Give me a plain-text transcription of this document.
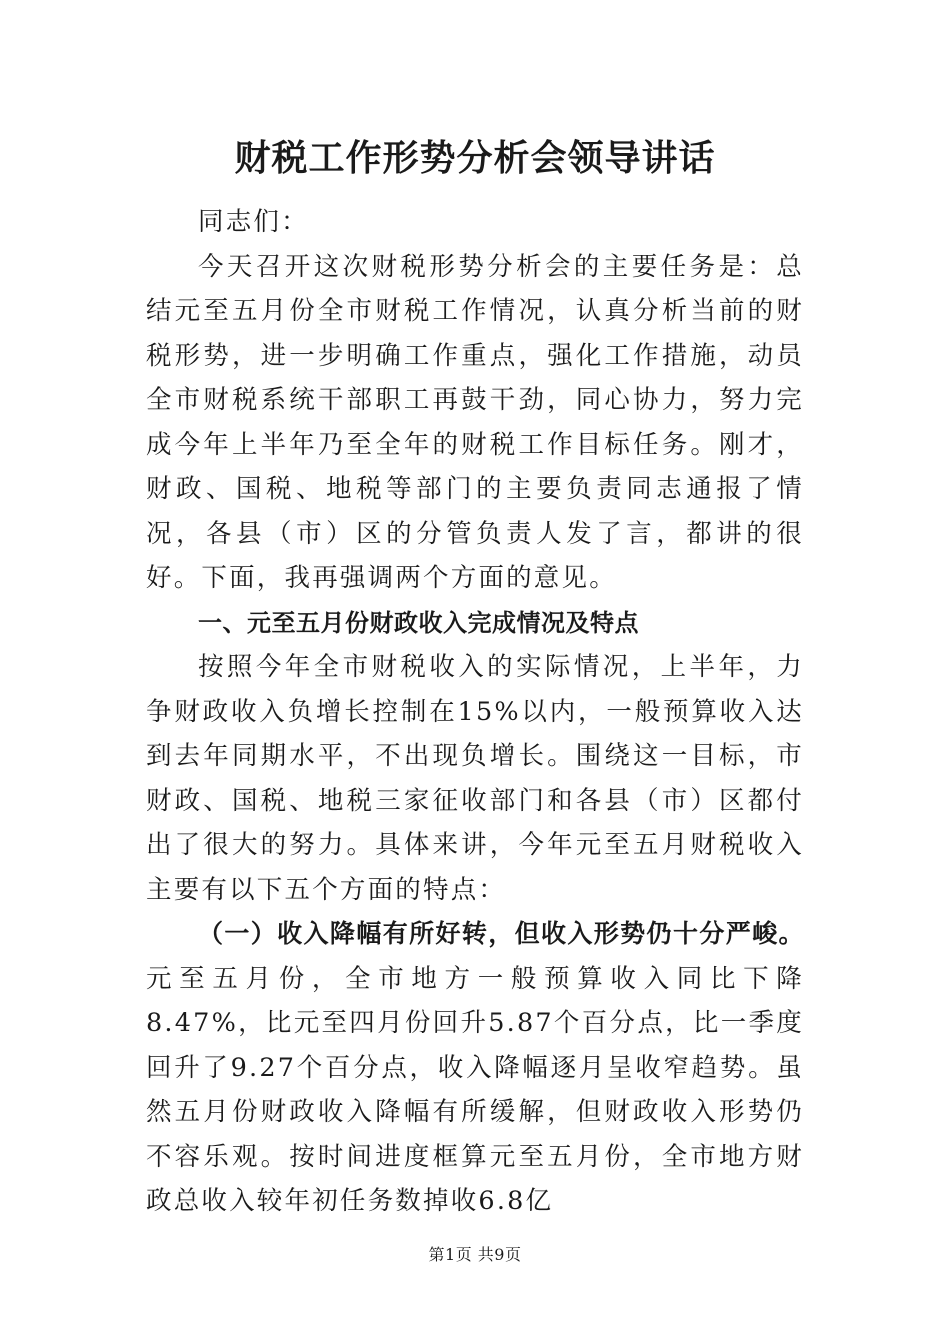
财税工作形势分析会领导讲话

同志们：

今天召开这次财税形势分析会的主要任务是：总结元至五月份全市财税工作情况，认真分析当前的财税形势，进一步明确工作重点，强化工作措施，动员全市财税系统干部职工再鼓干劲，同心协力，努力完成今年上半年乃至全年的财税工作目标任务。刚才，财政、国税、地税等部门的主要负责同志通报了情况，各县（市）区的分管负责人发了言，都讲的很好。下面，我再强调两个方面的意见。

一、元至五月份财政收入完成情况及特点

按照今年全市财税收入的实际情况，上半年，力争财政收入负增长控制在15%以内，一般预算收入达到去年同期水平，不出现负增长。围绕这一目标，市财政、国税、地税三家征收部门和各县（市）区都付出了很大的努力。具体来讲，今年元至五月财税收入主要有以下五个方面的特点：

（一）收入降幅有所好转，但收入形势仍十分严峻。元至五月份，全市地方一般预算收入同比下降8.47%，比元至四月份回升5.87个百分点，比一季度回升了9.27个百分点，收入降幅逐月呈收窄趋势。虽然五月份财政收入降幅有所缓解，但财政收入形势仍不容乐观。按时间进度框算元至五月份，全市地方财政总收入较年初任务数掉收6.8亿

第1页 共9页
